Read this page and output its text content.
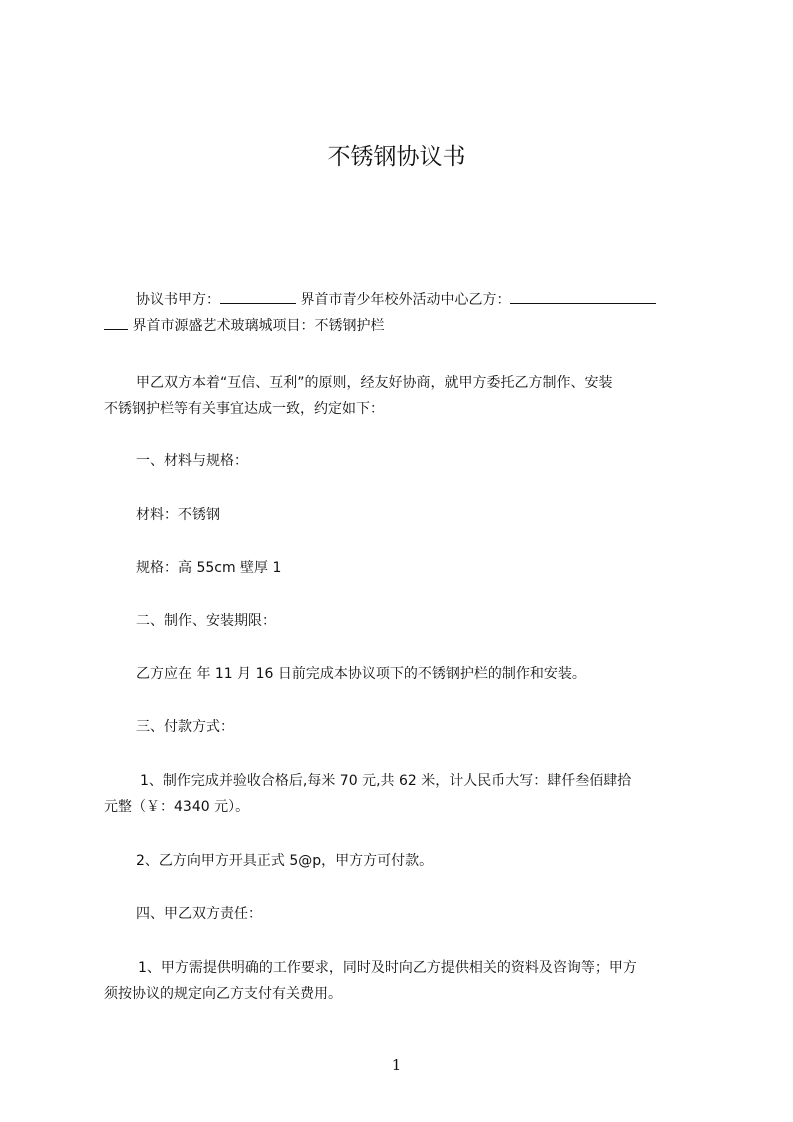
不锈钢协议书

协议书甲方：	界首市青少年校外活动中心乙方：

界首市源盛艺术玻璃城项目：不锈钢护栏

甲乙双方本着“互信、互利”的原则，经友好协商，就甲方委托乙方制作、安装

不锈钢护栏等有关事宜达成一致，约定如下：

一、材料与规格：

材料：不锈钢

规格：高 55cm 壁厚 1

二、制作、安装期限：

乙方应在 年 11 月 16 日前完成本协议项下的不锈钢护栏的制作和安装。

三、付款方式：

1、制作完成并验收合格后,每米 70 元,共 62 米，计人民币大写：肆仟叁佰肆拾

元整（￥：4340 元）。

2、乙方向甲方开具正式 5@p，甲方方可付款。

四、甲乙双方责任：

1、甲方需提供明确的工作要求，同时及时向乙方提供相关的资料及咨询等；甲方

须按协议的规定向乙方支付有关费用。

1
